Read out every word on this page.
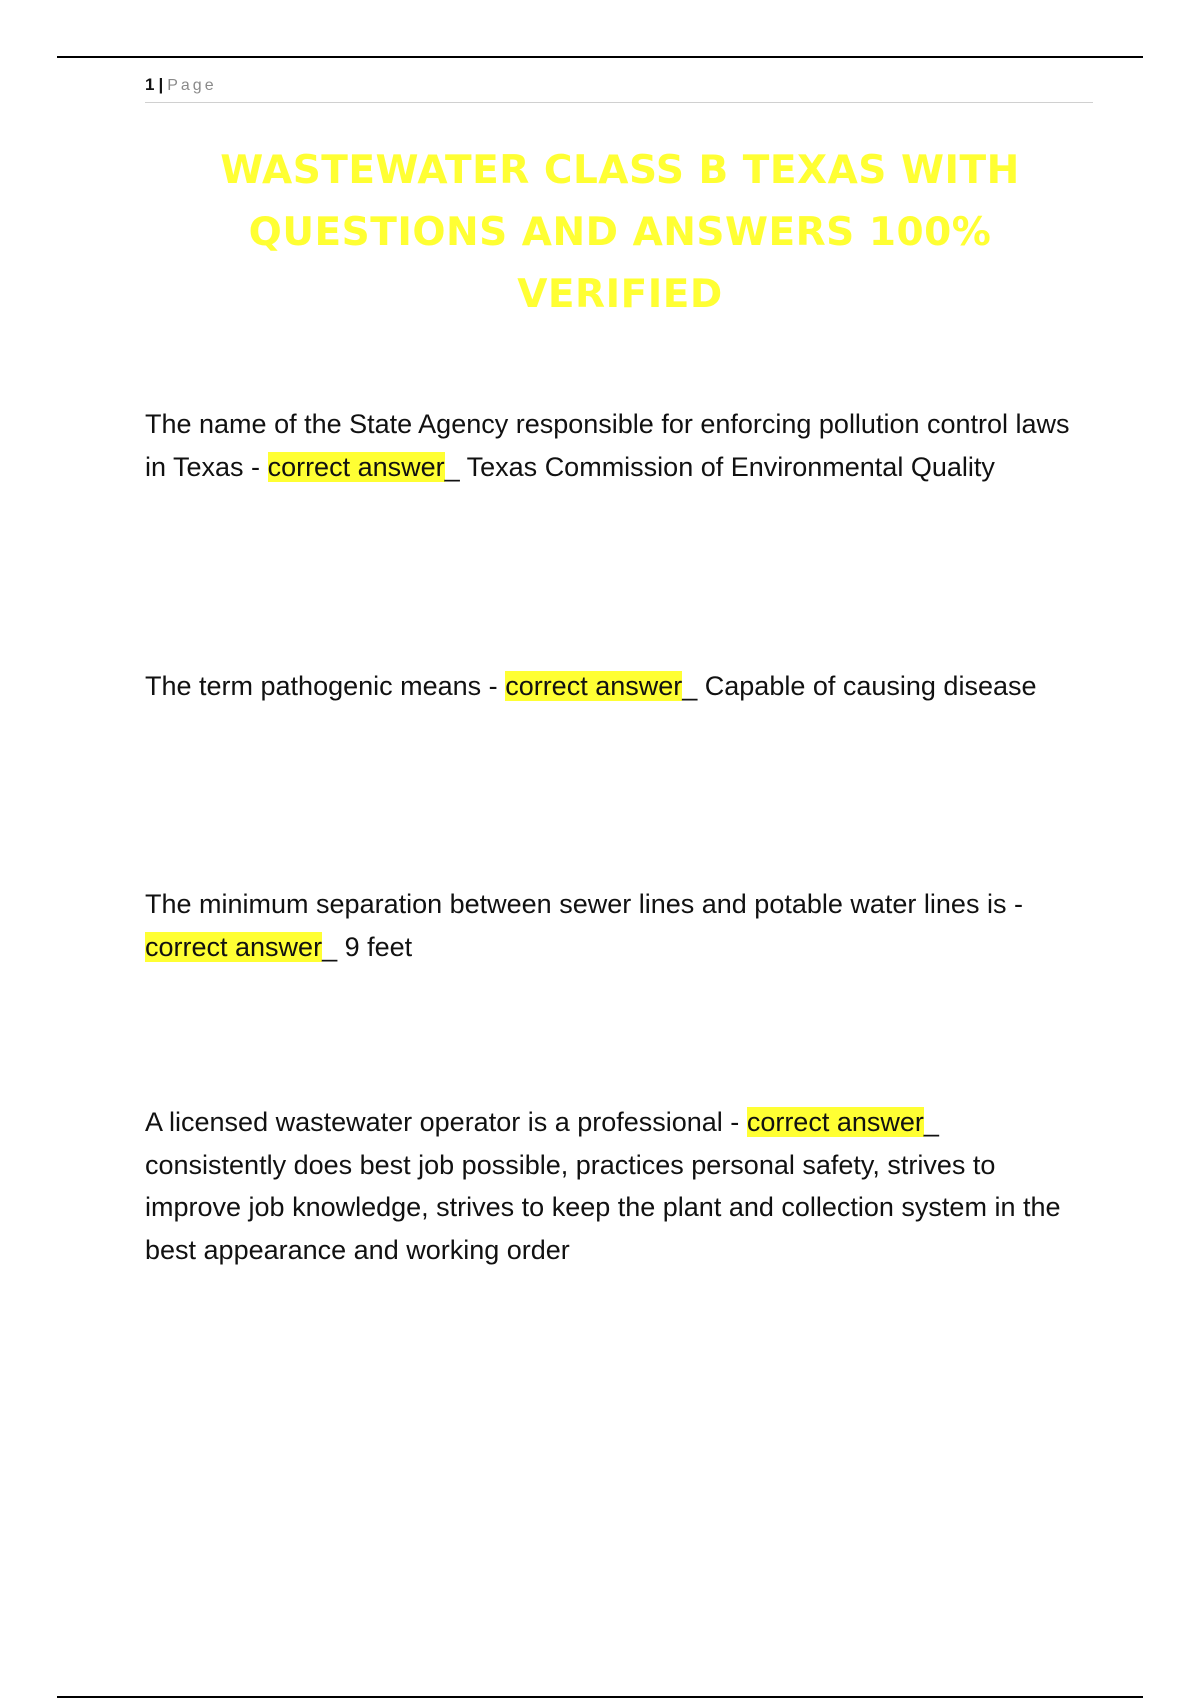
1 | Page
WASTEWATER CLASS B TEXAS WITH
QUESTIONS AND ANSWERS 100%
VERIFIED

The name of the State Agency responsible for enforcing pollution control laws in Texas - correct answer_ Texas Commission of Environmental Quality

The term pathogenic means - correct answer_ Capable of causing disease

The minimum separation between sewer lines and potable water lines is - correct answer_ 9 feet

A licensed wastewater operator is a professional - correct answer_ consistently does best job possible, practices personal safety, strives to improve job knowledge, strives to keep the plant and collection system in the best appearance and working order
